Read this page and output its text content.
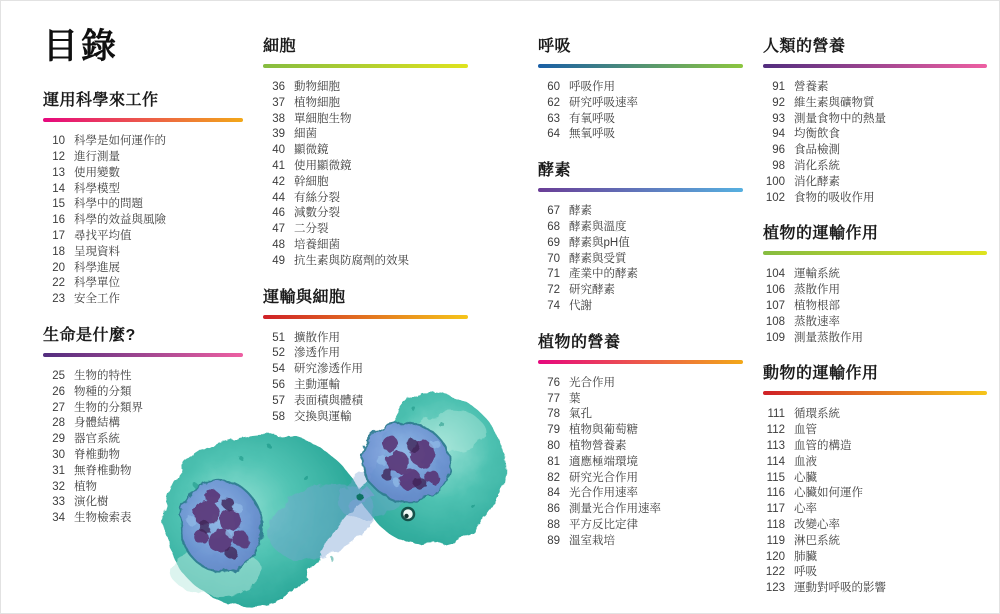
目錄
運用科學來工作
10 科學是如何運作的
12 進行測量
13 使用變數
14 科學模型
15 科學中的問題
16 科學的效益與風險
17 尋找平均值
18 呈現資料
20 科學進展
22 科學單位
23 安全工作
生命是什麼?
25 生物的特性
26 物種的分類
27 生物的分類界
28 身體結構
29 器官系統
30 脊椎動物
31 無脊椎動物
32 植物
33 演化樹
34 生物檢索表
細胞
36 動物細胞
37 植物細胞
38 單細胞生物
39 細菌
40 顯微鏡
41 使用顯微鏡
42 幹細胞
44 有絲分裂
46 減數分裂
47 二分裂
48 培養細菌
49 抗生素與防腐劑的效果
運輸與細胞
51 擴散作用
52 滲透作用
54 研究滲透作用
56 主動運輸
57 表面積與體積
58 交換與運輸
呼吸
60 呼吸作用
62 研究呼吸速率
63 有氧呼吸
64 無氧呼吸
酵素
67 酵素
68 酵素與溫度
69 酵素與pH值
70 酵素與受質
71 產業中的酵素
72 研究酵素
74 代謝
植物的營養
76 光合作用
77 葉
78 氣孔
79 植物與葡萄糖
80 植物營養素
81 適應極端環境
82 研究光合作用
84 光合作用速率
86 測量光合作用速率
88 平方反比定律
89 溫室栽培
人類的營養
91 營養素
92 維生素與礦物質
93 測量食物中的熱量
94 均衡飲食
96 食品檢測
98 消化系統
100 消化酵素
102 食物的吸收作用
植物的運輸作用
104 運輸系統
106 蒸散作用
107 植物根部
108 蒸散速率
109 測量蒸散作用
動物的運輸作用
111 循環系統
112 血管
113 血管的構造
114 血液
115 心臟
116 心臟如何運作
117 心率
118 改變心率
119 淋巴系統
120 肺臟
122 呼吸
123 運動對呼吸的影響
